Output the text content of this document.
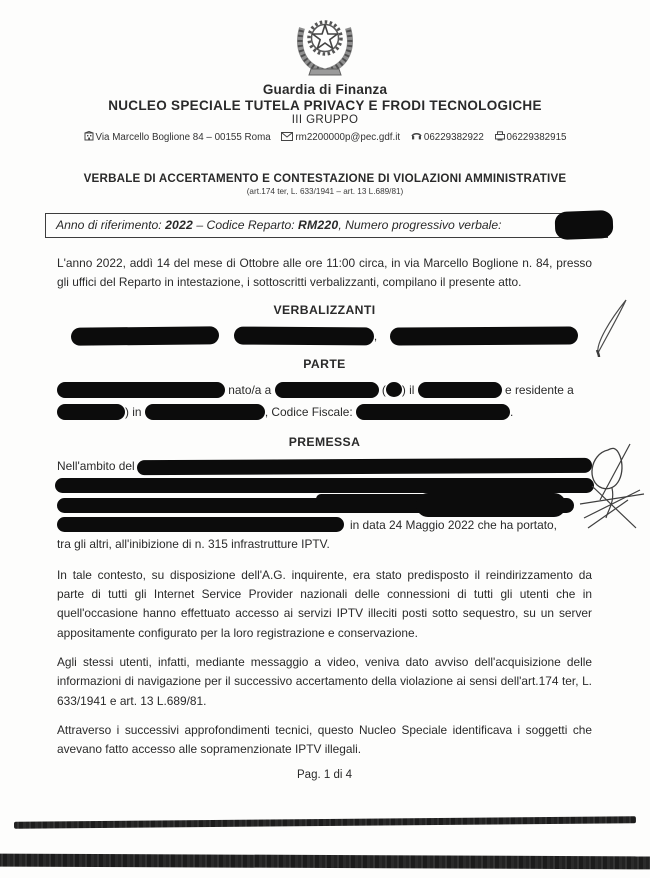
Guardia di Finanza
NUCLEO SPECIALE TUTELA PRIVACY E FRODI TECNOLOGICHE
III GRUPPO
Via Marcello Boglione 84 – 00155 Roma	rm2200000p@pec.gdf.it 06229382922 06229382915
VERBALE DI ACCERTAMENTO E CONTESTAZIONE DI VIOLAZIONI AMMINISTRATIVE
(art.174 ter, L. 633/1941 – art. 13 L.689/81)
Anno di riferimento: 2022 – Codice Reparto: RM220, Numero progressivo verbale:

L'anno 2022, addì 14 del mese di Ottobre alle ore 11:00 circa, in via Marcello Boglione n. 84, presso gli uffici del Reparto in intestazione, i sottoscritti verbalizzanti, compilano il presente atto.

VERBALIZZANTI
,
PARTE
nato/a a	( ) il	e residente a
) in	, Codice Fiscale:	.
PREMESSA
Nell'ambito del
in data 24 Maggio 2022 che ha portato,
tra gli altri, all'inibizione di n. 315 infrastrutture IPTV.

In tale contesto, su disposizione dell'A.G. inquirente, era stato predisposto il reindirizzamento da parte di tutti gli Internet Service Provider nazionali delle connessioni di tutti gli utenti che in quell'occasione hanno effettuato accesso ai servizi IPTV illeciti posti sotto sequestro, su un server appositamente configurato per la loro registrazione e conservazione.

Agli stessi utenti, infatti, mediante messaggio a video, veniva dato avviso dell'acquisizione delle informazioni di navigazione per il successivo accertamento della violazione ai sensi dell'art.174 ter, L. 633/1941 e art. 13 L.689/81.

Attraverso i successivi approfondimenti tecnici, questo Nucleo Speciale identificava i soggetti che avevano fatto accesso alle sopramenzionate IPTV illegali.

Pag. 1 di 4
